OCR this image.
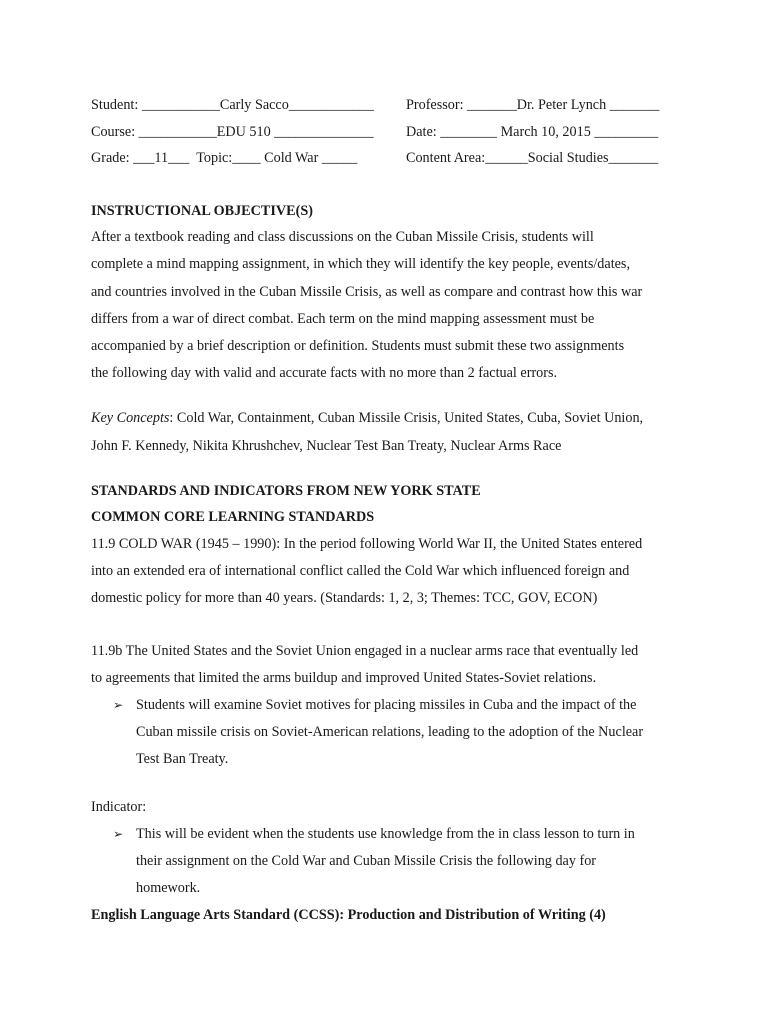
Student: ___________Carly Sacco____________	Professor: _______Dr. Peter Lynch _______
Course: ___________EDU 510 ______________	Date: ________ March 10, 2015 _________
Grade: ___11___  Topic:____ Cold War _____	Content Area:______Social Studies_______
INSTRUCTIONAL OBJECTIVE(S)
After a textbook reading and class discussions on the Cuban Missile Crisis, students will
complete a mind mapping assignment, in which they will identify the key people, events/dates,
and countries involved in the Cuban Missile Crisis, as well as compare and contrast how this war
differs from a war of direct combat. Each term on the mind mapping assessment must be
accompanied by a brief description or definition. Students must submit these two assignments
the following day with valid and accurate facts with no more than 2 factual errors.
Key Concepts: Cold War, Containment, Cuban Missile Crisis, United States, Cuba, Soviet Union,
John F. Kennedy, Nikita Khrushchev, Nuclear Test Ban Treaty, Nuclear Arms Race
STANDARDS AND INDICATORS FROM NEW YORK STATE
COMMON CORE LEARNING STANDARDS
11.9 COLD WAR (1945 – 1990): In the period following World War II, the United States entered
into an extended era of international conflict called the Cold War which influenced foreign and
domestic policy for more than 40 years. (Standards: 1, 2, 3; Themes: TCC, GOV, ECON)
11.9b The United States and the Soviet Union engaged in a nuclear arms race that eventually led
to agreements that limited the arms buildup and improved United States-Soviet relations.
➢ Students will examine Soviet motives for placing missiles in Cuba and the impact of the
Cuban missile crisis on Soviet-American relations, leading to the adoption of the Nuclear
Test Ban Treaty.
Indicator:
➢ This will be evident when the students use knowledge from the in class lesson to turn in
their assignment on the Cold War and Cuban Missile Crisis the following day for
homework.
English Language Arts Standard (CCSS): Production and Distribution of Writing (4)
